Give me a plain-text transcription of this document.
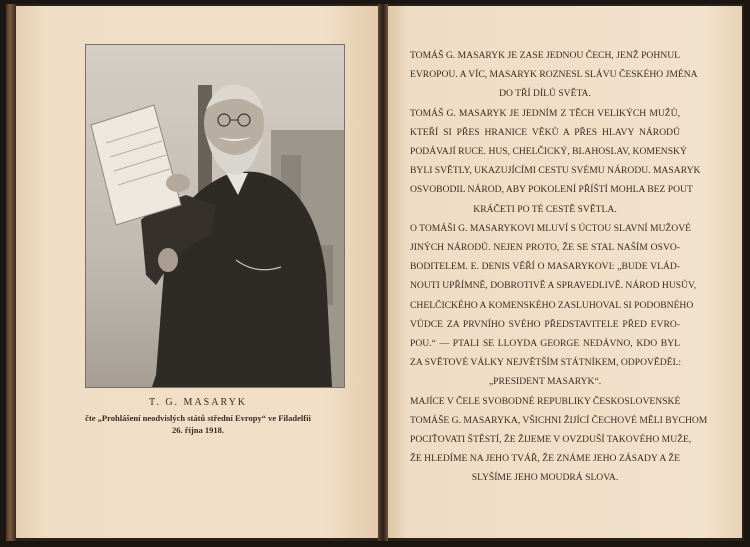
T. G. MASARYK
čte „Prohlášení neodvislých států střední Evropy“ ve Filadelfii
26. října 1918.
TOMÁŠ G. MASARYK JE ZASE JEDNOU ČECH, JENŽ POHNUL
EVROPOU. A VÍC, MASARYK ROZNESL SLÁVU ČESKÉHO JMÉNA
DO TŘÍ DÍLŮ SVĚTA.
TOMÁŠ G. MASARYK JE JEDNÍM Z TĚCH VELIKÝCH MUŽŮ,
KTEŘÍ SI PŘES HRANICE VĚKŮ A PŘES HLAVY NÁRODŮ
PODÁVAJÍ RUCE. HUS, CHELČICKÝ, BLAHOSLAV, KOMENSKÝ
BYLI SVĚTLY, UKAZUJÍCÍMI CESTU SVÉMU NÁRODU. MASARYK
OSVOBODIL NÁROD, ABY POKOLENÍ PŘÍŠTÍ MOHLA BEZ POUT
KRÁČETI PO TÉ CESTĚ SVĚTLA.
O TOMÁŠI G. MASARYKOVI MLUVÍ S ÚCTOU SLAVNÍ MUŽOVÉ
JINÝCH NÁRODŮ. NEJEN PROTO, ŽE SE STAL NAŠÍM OSVO-
BODITELEM. E. DENIS VĚŘÍ O MASARYKOVI: „BUDE VLÁD-
NOUTI UPŘÍMNĚ, DOBROTIVĚ A SPRAVEDLIVĚ. NÁROD HUSŮV,
CHELČICKÉHO A KOMENSKÉHO ZASLUHOVAL SI PODOBNÉHO
VŮDCE ZA PRVNÍHO SVÉHO PŘEDSTAVITELE PŘED EVRO-
POU.“ — PTALI SE LLOYDA GEORGE NEDÁVNO, KDO BYL
ZA SVĚTOVÉ VÁLKY NEJVĚTŠÍM STÁTNÍKEM, ODPOVĚDĚL:
„PRESIDENT MASARYK“.
MAJÍCE V ČELE SVOBODNÉ REPUBLIKY ČESKOSLOVENSKÉ
TOMÁŠE G. MASARYKA, VŠICHNI ŽIJÍCÍ ČECHOVÉ MĚLI BYCHOM
POCIŤOVATI ŠTĚSTÍ, ŽE ŽIJEME V OVZDUŠÍ TAKOVÉHO MUŽE,
ŽE HLEDÍME NA JEHO TVÁŘ, ŽE ZNÁME JEHO ZÁSADY A ŽE
SLYŠÍME JEHO MOUDRÁ SLOVA.
